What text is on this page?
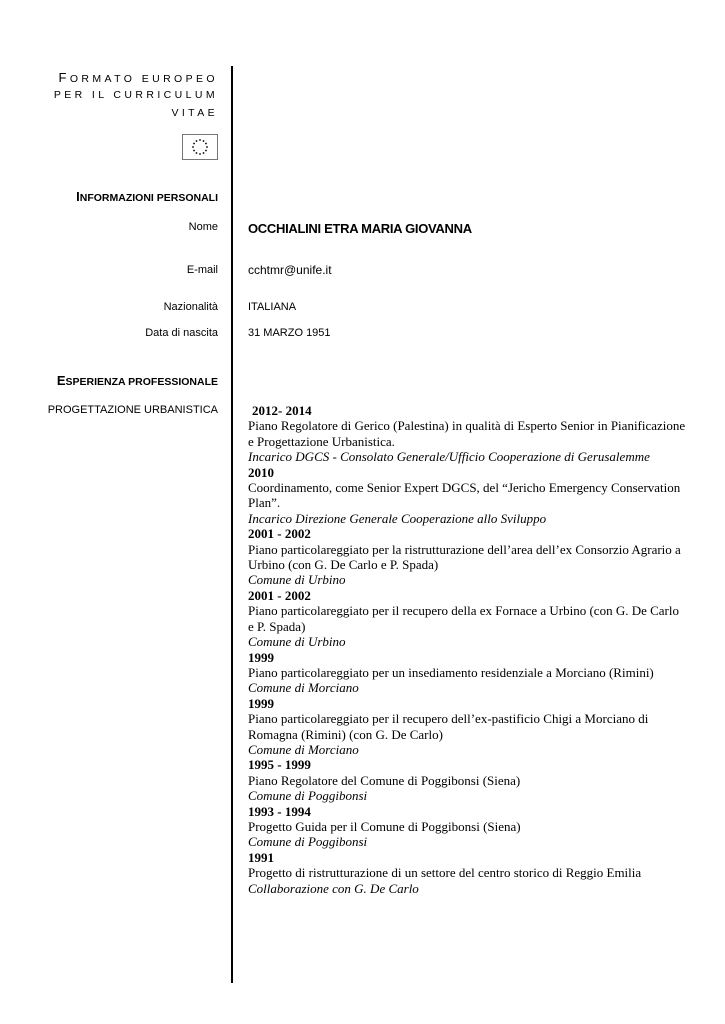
FORMATO EUROPEO
PER IL CURRICULUM
VITAE
INFORMAZIONI PERSONALI
Nome OCCHIALINI ETRA MARIA GIOVANNA
E-mail	cchtmr@unife.it
Nazionalità	ITALIANA
Data di nascita	31 MARZO 1951
ESPERIENZA PROFESSIONALE
PROGETTAZIONE URBANISTICA	2012- 2014
Piano Regolatore di Gerico (Palestina) in qualità di Esperto Senior in Pianificazione e Progettazione Urbanistica.
Incarico DGCS - Consolato Generale/Ufficio Cooperazione di Gerusalemme
2010
Coordinamento, come Senior Expert DGCS, del “Jericho Emergency Conservation Plan”.
Incarico Direzione Generale Cooperazione allo Sviluppo
2001 - 2002
Piano particolareggiato per la ristrutturazione dell’area dell’ex Consorzio Agrario a Urbino (con G. De Carlo e P. Spada)
Comune di Urbino
2001 - 2002
Piano particolareggiato per il recupero della ex Fornace a Urbino (con G. De Carlo e P. Spada)
Comune di Urbino
1999
Piano particolareggiato per un insediamento residenziale a Morciano (Rimini)
Comune di Morciano
1999
Piano particolareggiato per il recupero dell’ex-pastificio Chigi a Morciano di Romagna (Rimini) (con G. De Carlo)
Comune di Morciano
1995 - 1999
Piano Regolatore del Comune di Poggibonsi (Siena)
Comune di Poggibonsi
1993 - 1994
Progetto Guida per il Comune di Poggibonsi (Siena)
Comune di Poggibonsi
1991
Progetto di ristrutturazione di un settore del centro storico di Reggio Emilia
Collaborazione con G. De Carlo
